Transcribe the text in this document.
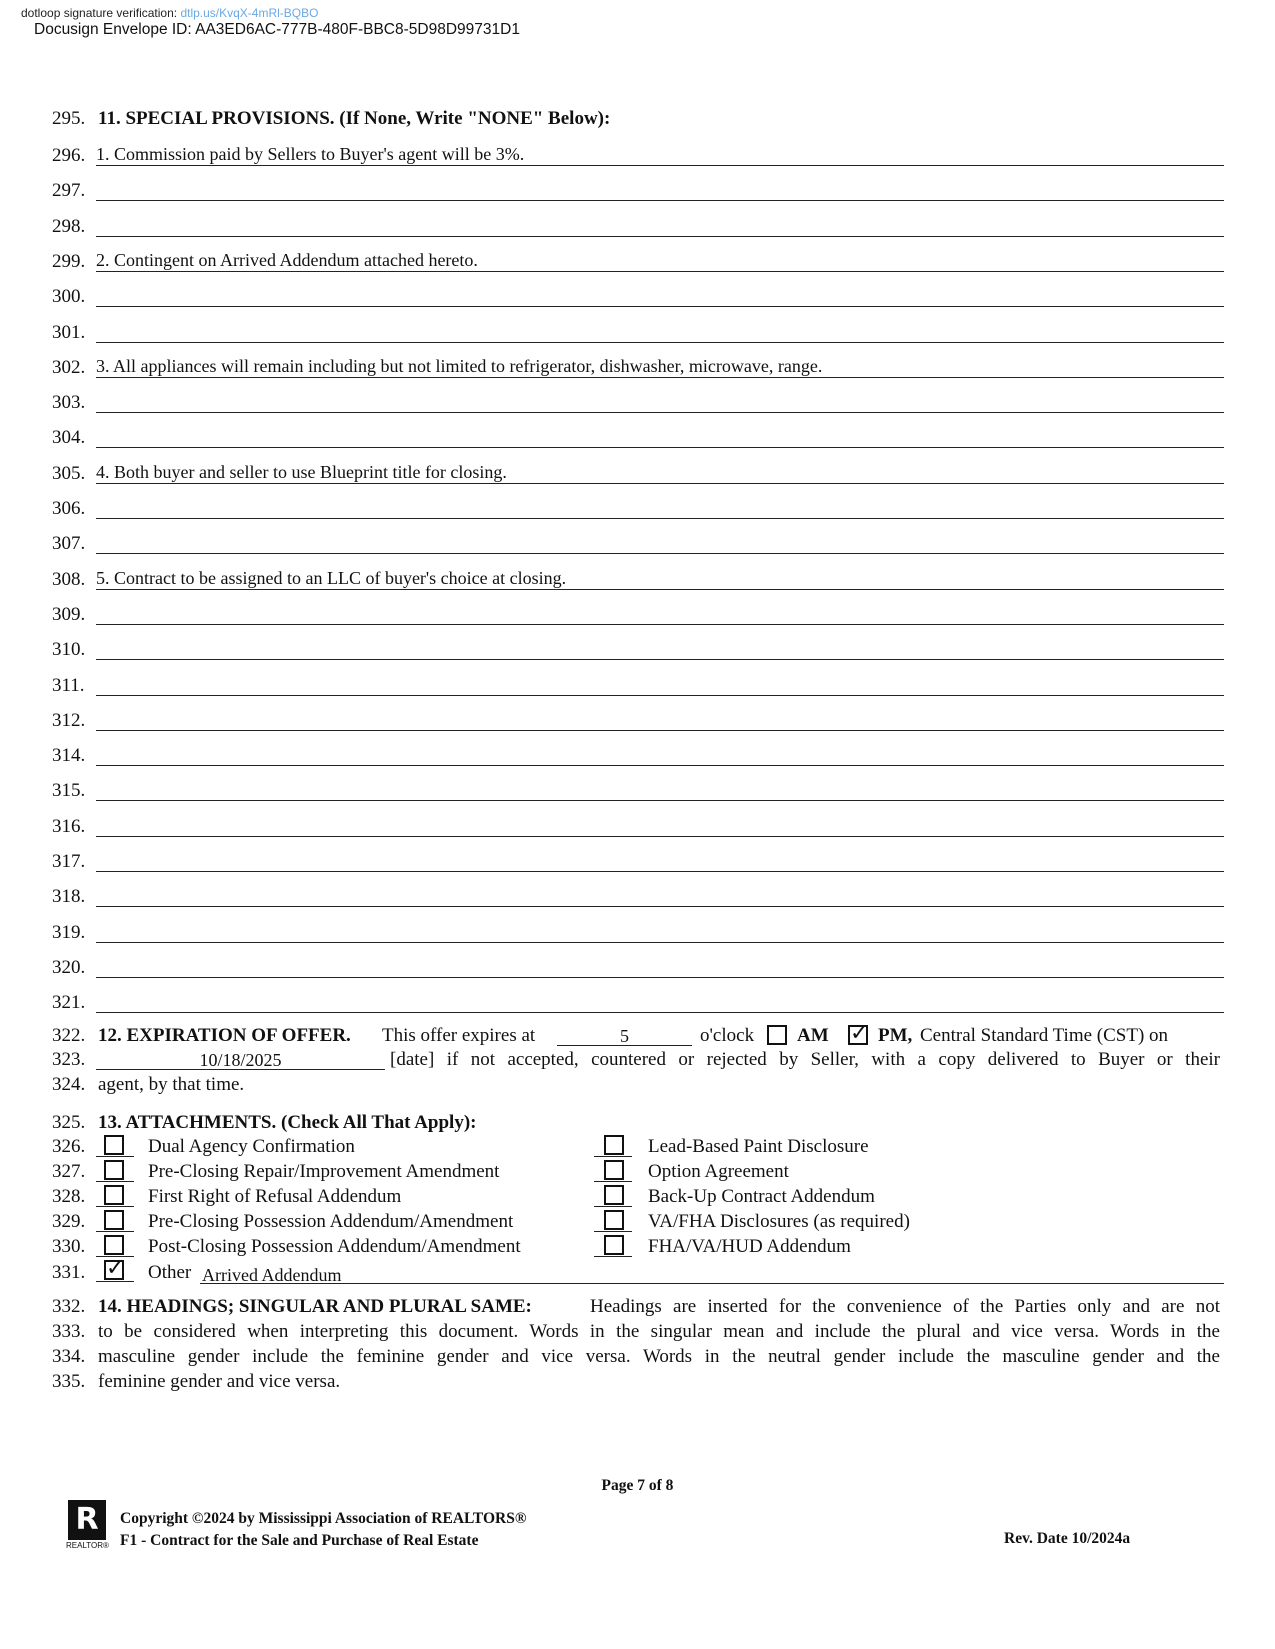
dotloop signature verification: dtlp.us/KvqX-4mRl-BQBO
Docusign Envelope ID: AA3ED6AC-777B-480F-BBC8-5D98D99731D1
295. 11. SPECIAL PROVISIONS. (If None, Write "NONE" Below):
296. 1. Commission paid by Sellers to Buyer's agent will be 3%.
297.
298.
299. 2. Contingent on Arrived Addendum attached hereto.
300.
301.
302. 3. All appliances will remain including but not limited to refrigerator, dishwasher, microwave, range.
303.
304.
305. 4. Both buyer and seller to use Blueprint title for closing.
306.
307.
308. 5. Contract to be assigned to an LLC of buyer's choice at closing.
309.
310.
311.
312.
314.
315.
316.
317.
318.
319.
320.
321.
322. 12. EXPIRATION OF OFFER. This offer expires at	5	o'clock AM ✓ PM, Central Standard Time (CST) on
323.	10/18/2025	[date] if not accepted, countered or rejected by Seller, with a copy delivered to Buyer or their
324. agent, by that time.
325. 13. ATTACHMENTS. (Check All That Apply):
326.	Dual Agency Confirmation	Lead-Based Paint Disclosure
327.	Pre-Closing Repair/Improvement Amendment	Option Agreement
328.	First Right of Refusal Addendum	Back-Up Contract Addendum
329.	Pre-Closing Possession Addendum/Amendment	VA/FHA Disclosures (as required)
330.	Post-Closing Possession Addendum/Amendment	FHA/VA/HUD Addendum
331. ✓ Other Arrived Addendum
332. 14. HEADINGS; SINGULAR AND PLURAL SAME:	Headings are inserted for the convenience of the Parties only and are not
333. to be considered when interpreting this document. Words in the singular mean and include the plural and vice versa. Words in the
334. masculine gender include the feminine gender and vice versa. Words in the neutral gender include the masculine gender and the
335. feminine gender and vice versa.
Page 7 of 8
R
REALTOR®
Copyright ©2024 by Mississippi Association of REALTORS®
F1 - Contract for the Sale and Purchase of Real Estate	Rev. Date 10/2024a
